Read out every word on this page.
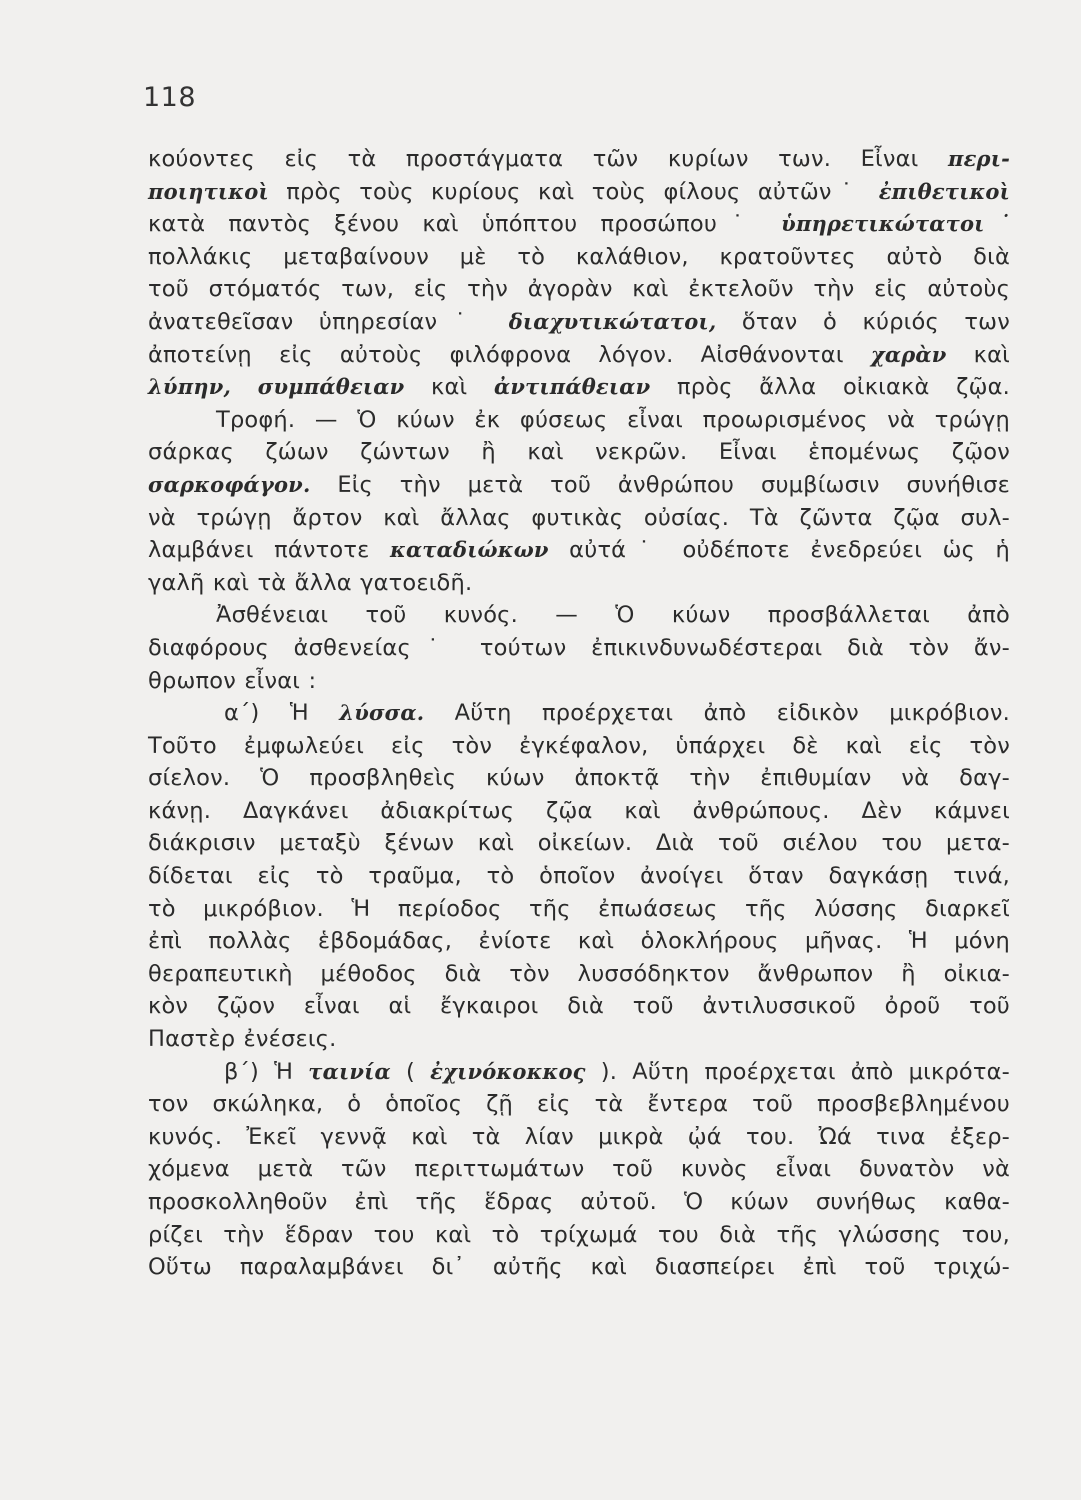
118
κούοντες εἰς τὰ προστάγματα τῶν κυρίων των. Εἶναι περι-
ποιητικοὶ πρὸς τοὺς κυρίους καὶ τοὺς φίλους αὐτῶν˙ ἐπιθετικοὶ
κατὰ παντὸς ξένου καὶ ὑπόπτου προσώπου˙ ὑπηρετικώτατοι˙
πολλάκις μεταβαίνουν μὲ τὸ καλάθιον, κρατοῦντες αὐτὸ διὰ
τοῦ στόματός των, εἰς τὴν ἀγορὰν καὶ ἐκτελοῦν τὴν εἰς αὐτοὺς
ἀνατεθεῖσαν ὑπηρεσίαν˙ διαχυτικώτατοι, ὅταν ὁ κύριός των
ἀποτείνῃ εἰς αὐτοὺς φιλόφρονα λόγον. Αἰσθάνονται χαρὰν καὶ
λύπην, συμπάθειαν καὶ ἀντιπάθειαν πρὸς ἄλλα οἰκιακὰ ζῷα.
Τροφή. — Ὁ κύων ἐκ φύσεως εἶναι προωρισμένος νὰ τρώγῃ
σάρκας ζώων ζώντων ἢ καὶ νεκρῶν. Εἶναι ἑπομένως ζῷον
σαρκοφάγον. Εἰς τὴν μετὰ τοῦ ἀνθρώπου συμβίωσιν συνήθισε
νὰ τρώγῃ ἄρτον καὶ ἄλλας φυτικὰς οὐσίας. Τὰ ζῶντα ζῷα συλ-
λαμβάνει πάντοτε καταδιώκων αὐτά˙ οὐδέποτε ἐνεδρεύει ὡς ἡ
γαλῆ καὶ τὰ ἄλλα γατοειδῆ.
Ἀσθένειαι τοῦ κυνός. — Ὁ κύων προσβάλλεται ἀπὸ
διαφόρους ἀσθενείας˙ τούτων ἐπικινδυνωδέστεραι διὰ τὸν ἄν-
θρωπον εἶναι :
α΄) Ἡ λύσσα. Αὕτη προέρχεται ἀπὸ εἰδικὸν μικρόβιον.
Τοῦτο ἐμφωλεύει εἰς τὸν ἐγκέφαλον, ὑπάρχει δὲ καὶ εἰς τὸν
σίελον. Ὁ προσβληθεὶς κύων ἀποκτᾷ τὴν ἐπιθυμίαν νὰ δαγ-
κάνῃ. Δαγκάνει ἀδιακρίτως ζῷα καὶ ἀνθρώπους. Δὲν κάμνει
διάκρισιν μεταξὺ ξένων καὶ οἰκείων. Διὰ τοῦ σιέλου του μετα-
δίδεται εἰς τὸ τραῦμα, τὸ ὁποῖον ἀνοίγει ὅταν δαγκάσῃ τινά,
τὸ μικρόβιον. Ἡ περίοδος τῆς ἐπωάσεως τῆς λύσσης διαρκεῖ
ἐπὶ πολλὰς ἑβδομάδας, ἐνίοτε καὶ ὁλοκλήρους μῆνας. Ἡ μόνη
θεραπευτικὴ μέθοδος διὰ τὸν λυσσόδηκτον ἄνθρωπον ἢ οἰκια-
κὸν ζῷον εἶναι αἱ ἔγκαιροι διὰ τοῦ ἀντιλυσσικοῦ ὀροῦ τοῦ
Παστὲρ ἐνέσεις.
β΄) Ἡ ταινία ( ἐχινόκοκκος ). Αὕτη προέρχεται ἀπὸ μικρότα-
τον σκώληκα, ὁ ὁποῖος ζῇ εἰς τὰ ἔντερα τοῦ προσβεβλημένου
κυνός. Ἐκεῖ γεννᾷ καὶ τὰ λίαν μικρὰ ᾠά του. Ὠά τινα ἐξερ-
χόμενα μετὰ τῶν περιττωμάτων τοῦ κυνὸς εἶναι δυνατὸν νὰ
προσκολληθοῦν ἐπὶ τῆς ἕδρας αὐτοῦ. Ὁ κύων συνήθως καθα-
ρίζει τὴν ἕδραν του καὶ τὸ τρίχωμά του διὰ τῆς γλώσσης του,
Οὕτω παραλαμβάνει δι᾿ αὐτῆς καὶ διασπείρει ἐπὶ τοῦ τριχώ-
